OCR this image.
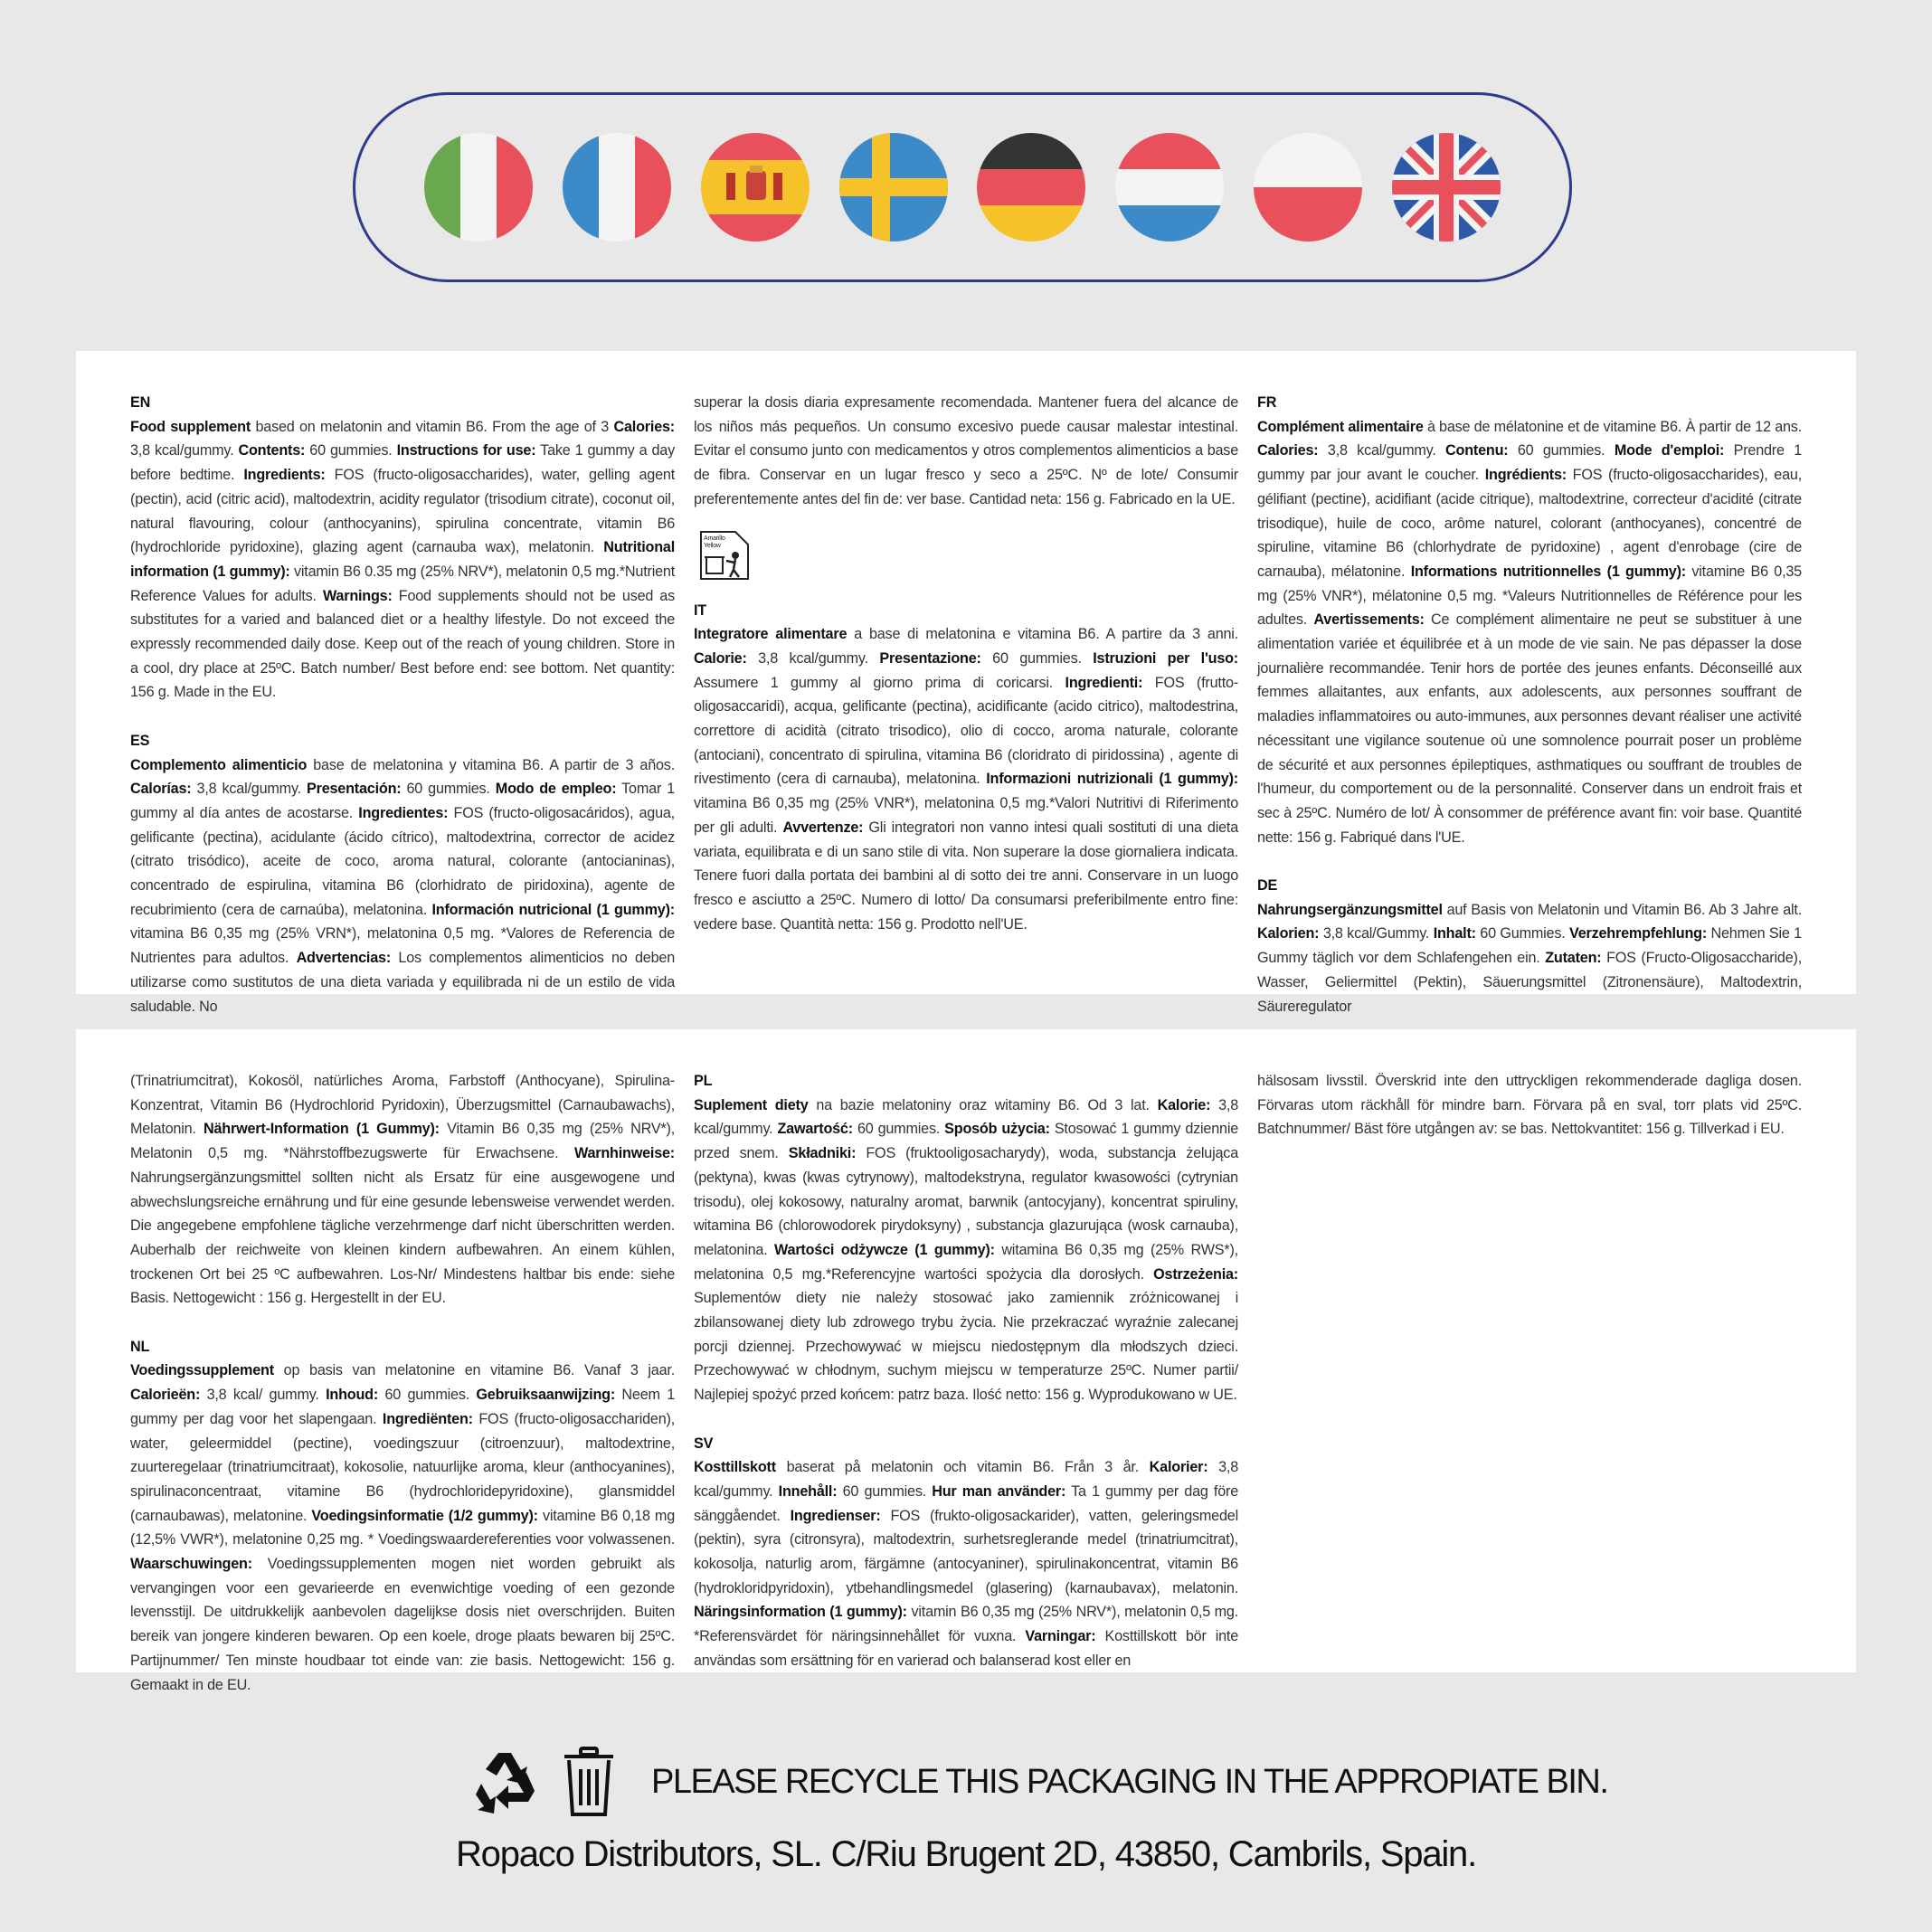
EN
Food supplement based on melatonin and vitamin B6. From the age of 3 Calories: 3,8 kcal/gummy. Contents: 60 gummies. Instructions for use: Take 1 gummy a day before bedtime. Ingredients: FOS (fructo-oligosaccharides), water, gelling agent (pectin), acid (citric acid), maltodextrin, acidity regulator (trisodium citrate), coconut oil, natural flavouring, colour (anthocyanins), spirulina concentrate, vitamin B6 (hydrochloride pyridoxine), glazing agent (carnauba wax), melatonin. Nutritional information (1 gummy): vitamin B6 0.35 mg (25% NRV*), melatonin 0,5 mg.*Nutrient Reference Values for adults. Warnings: Food supplements should not be used as substitutes for a varied and balanced diet or a healthy lifestyle. Do not exceed the expressly recommended daily dose. Keep out of the reach of young children. Store in a cool, dry place at 25ºC. Batch number/ Best before end: see bottom. Net quantity: 156 g. Made in the EU.
ES
Complemento alimenticio base de melatonina y vitamina B6. A partir de 3 años. Calorías: 3,8 kcal/gummy. Presentación: 60 gummies. Modo de empleo: Tomar 1 gummy al día antes de acostarse. Ingredientes: FOS (fructo-oligosacáridos), agua, gelificante (pectina), acidulante (ácido cítrico), maltodextrina, corrector de acidez (citrato trisódico), aceite de coco, aroma natural, colorante (antocianinas), concentrado de espirulina, vitamina B6 (clorhidrato de piridoxina), agente de recubrimiento (cera de carnaúba), melatonina. Información nutricional (1 gummy): vitamina B6 0,35 mg (25% VRN*), melatonina 0,5 mg. *Valores de Referencia de Nutrientes para adultos. Advertencias: Los complementos alimenticios no deben utilizarse como sustitutos de una dieta variada y equilibrada ni de un estilo de vida saludable. No
superar la dosis diaria expresamente recomendada. Mantener fuera del alcance de los niños más pequeños. Un consumo excesivo puede causar malestar intestinal. Evitar el consumo junto con medicamentos y otros complementos alimenticios a base de fibra. Conservar en un lugar fresco y seco a 25ºC. Nº de lote/ Consumir preferentemente antes del fin de: ver base. Cantidad neta: 156 g. Fabricado en la UE.
Amarillo
Yellow
IT
Integratore alimentare a base di melatonina e vitamina B6. A partire da 3 anni. Calorie: 3,8 kcal/gummy. Presentazione: 60 gummies. Istruzioni per l'uso: Assumere 1 gummy al giorno prima di coricarsi. Ingredienti: FOS (frutto-oligosaccaridi), acqua, gelificante (pectina), acidificante (acido citrico), maltodestrina, correttore di acidità (citrato trisodico), olio di cocco, aroma naturale, colorante (antociani), concentrato di spirulina, vitamina B6 (cloridrato di piridossina) , agente di rivestimento (cera di carnauba), melatonina. Informazioni nutrizionali (1 gummy): vitamina B6 0,35 mg (25% VNR*), melatonina 0,5 mg.*Valori Nutritivi di Riferimento per gli adulti. Avvertenze: Gli integratori non vanno intesi quali sostituti di una dieta variata, equilibrata e di un sano stile di vita. Non superare la dose giornaliera indicata. Tenere fuori dalla portata dei bambini al di sotto dei tre anni. Conservare in un luogo fresco e asciutto a 25ºC. Numero di lotto/ Da consumarsi preferibilmente entro fine: vedere base. Quantità netta: 156 g. Prodotto nell'UE.
FR
Complément alimentaire à base de mélatonine et de vitamine B6. À partir de 12 ans. Calories: 3,8 kcal/gummy. Contenu: 60 gummies. Mode d'emploi: Prendre 1 gummy par jour avant le coucher. Ingrédients: FOS (fructo-oligosaccharides), eau, gélifiant (pectine), acidifiant (acide citrique), maltodextrine, correcteur d'acidité (citrate trisodique), huile de coco, arôme naturel, colorant (anthocyanes), concentré de spiruline, vitamine B6 (chlorhydrate de pyridoxine) , agent d'enrobage (cire de carnauba), mélatonine. Informations nutritionnelles (1 gummy): vitamine B6 0,35 mg (25% VNR*), mélatonine 0,5 mg. *Valeurs Nutritionnelles de Référence pour les adultes. Avertissements: Ce complément alimentaire ne peut se substituer à une alimentation variée et équilibrée et à un mode de vie sain. Ne pas dépasser la dose journalière recommandée. Tenir hors de portée des jeunes enfants. Déconseillé aux femmes allaitantes, aux enfants, aux adolescents, aux personnes souffrant de maladies inflammatoires ou auto-immunes, aux personnes devant réaliser une activité nécessitant une vigilance soutenue où une somnolence pourrait poser un problème de sécurité et aux personnes épileptiques, asthmatiques ou souffrant de troubles de l'humeur, du comportement ou de la personnalité. Conserver dans un endroit frais et sec à 25ºC. Numéro de lot/ À consommer de préférence avant fin: voir base. Quantité nette: 156 g. Fabriqué dans l'UE.
DE
Nahrungsergänzungsmittel auf Basis von Melatonin und Vitamin B6. Ab 3 Jahre alt. Kalorien: 3,8 kcal/Gummy. Inhalt: 60 Gummies. Verzehrempfehlung: Nehmen Sie 1 Gummy täglich vor dem Schlafengehen ein. Zutaten: FOS (Fructo-Oligosaccharide), Wasser, Geliermittel (Pektin), Säuerungsmittel (Zitronensäure), Maltodextrin, Säureregulator
(Trinatriumcitrat), Kokosöl, natürliches Aroma, Farbstoff (Anthocyane), Spirulina-Konzentrat, Vitamin B6 (Hydrochlorid Pyridoxin), Überzugsmittel (Carnaubawachs), Melatonin. Nährwert-Information (1 Gummy): Vitamin B6 0,35 mg (25% NRV*), Melatonin 0,5 mg. *Nährstoffbezugswerte für Erwachsene. Warnhinweise: Nahrungsergänzungsmittel sollten nicht als Ersatz für eine ausgewogene und abwechslungsreiche ernährung und für eine gesunde lebensweise verwendet werden. Die angegebene empfohlene tägliche verzehrmenge darf nicht überschritten werden. Auberhalb der reichweite von kleinen kindern aufbewahren. An einem kühlen, trockenen Ort bei 25 ºC aufbewahren. Los-Nr/ Mindestens haltbar bis ende: siehe Basis. Nettogewicht : 156 g. Hergestellt in der EU.
NL
Voedingssupplement op basis van melatonine en vitamine B6. Vanaf 3 jaar. Calorieën: 3,8 kcal/ gummy. Inhoud: 60 gummies. Gebruiksaanwijzing: Neem 1 gummy per dag voor het slapengaan. Ingrediënten: FOS (fructo-oligosacchariden), water, geleermiddel (pectine), voedingszuur (citroenzuur), maltodextrine, zuurteregelaar (trinatriumcitraat), kokosolie, natuurlijke aroma, kleur (anthocyanines), spirulinaconcentraat, vitamine B6 (hydrochloridepyridoxine), glansmiddel (carnaubawas), melatonine. Voedingsinformatie (1/2 gummy): vitamine B6 0,18 mg (12,5% VWR*), melatonine 0,25 mg. * Voedingswaardereferenties voor volwassenen. Waarschuwingen: Voedingssupplementen mogen niet worden gebruikt als vervangingen voor een gevarieerde en evenwichtige voeding of een gezonde levensstijl. De uitdrukkelijk aanbevolen dagelijkse dosis niet overschrijden. Buiten bereik van jongere kinderen bewaren. Op een koele, droge plaats bewaren bij 25ºC. Partijnummer/ Ten minste houdbaar tot einde van: zie basis. Nettogewicht: 156 g. Gemaakt in de EU.
PL
Suplement diety na bazie melatoniny oraz witaminy B6. Od 3 lat. Kalorie: 3,8 kcal/gummy. Zawartość: 60 gummies. Sposób użycia: Stosować 1 gummy dziennie przed snem. Składniki: FOS (fruktooligosacharydy), woda, substancja żelująca (pektyna), kwas (kwas cytrynowy), maltodekstryna, regulator kwasowości (cytrynian trisodu), olej kokosowy, naturalny aromat, barwnik (antocyjany), koncentrat spiruliny, witamina B6 (chlorowodorek pirydoksyny) , substancja glazurująca (wosk carnauba), melatonina. Wartości odżywcze (1 gummy): witamina B6 0,35 mg (25% RWS*), melatonina 0,5 mg.*Referencyjne wartości spożycia dla dorosłych. Ostrzeżenia: Suplementów diety nie należy stosować jako zamiennik zróżnicowanej i zbilansowanej diety lub zdrowego trybu życia. Nie przekraczać wyraźnie zalecanej porcji dziennej. Przechowywać w miejscu niedostępnym dla młodszych dzieci. Przechowywać w chłodnym, suchym miejscu w temperaturze 25ºC. Numer partii/ Najlepiej spożyć przed końcem: patrz baza. Ilość netto: 156 g. Wyprodukowano w UE.
SV
Kosttillskott baserat på melatonin och vitamin B6. Från 3 år. Kalorier: 3,8 kcal/gummy. Innehåll: 60 gummies. Hur man använder: Ta 1 gummy per dag före sänggåendet. Ingredienser: FOS (frukto-oligosackarider), vatten, geleringsmedel (pektin), syra (citronsyra), maltodextrin, surhetsreglerande medel (trinatriumcitrat), kokosolja, naturlig arom, färgämne (antocyaniner), spirulinakoncentrat, vitamin B6 (hydrokloridpyridoxin), ytbehandlingsmedel (glasering) (karnaubavax), melatonin. Näringsinformation (1 gummy): vitamin B6 0,35 mg (25% NRV*), melatonin 0,5 mg. *Referensvärdet för näringsinnehållet för vuxna. Varningar: Kosttillskott bör inte användas som ersättning för en varierad och balanserad kost eller en
hälsosam livsstil. Överskrid inte den uttryckligen rekommenderade dagliga dosen. Förvaras utom räckhåll för mindre barn. Förvara på en sval, torr plats vid 25ºC. Batchnummer/ Bäst före utgången av: se bas. Nettokvantitet: 156 g. Tillverkad i EU.
PLEASE RECYCLE THIS PACKAGING IN THE APPROPIATE BIN.
Ropaco Distributors, SL. C/Riu Brugent 2D, 43850, Cambrils, Spain.
